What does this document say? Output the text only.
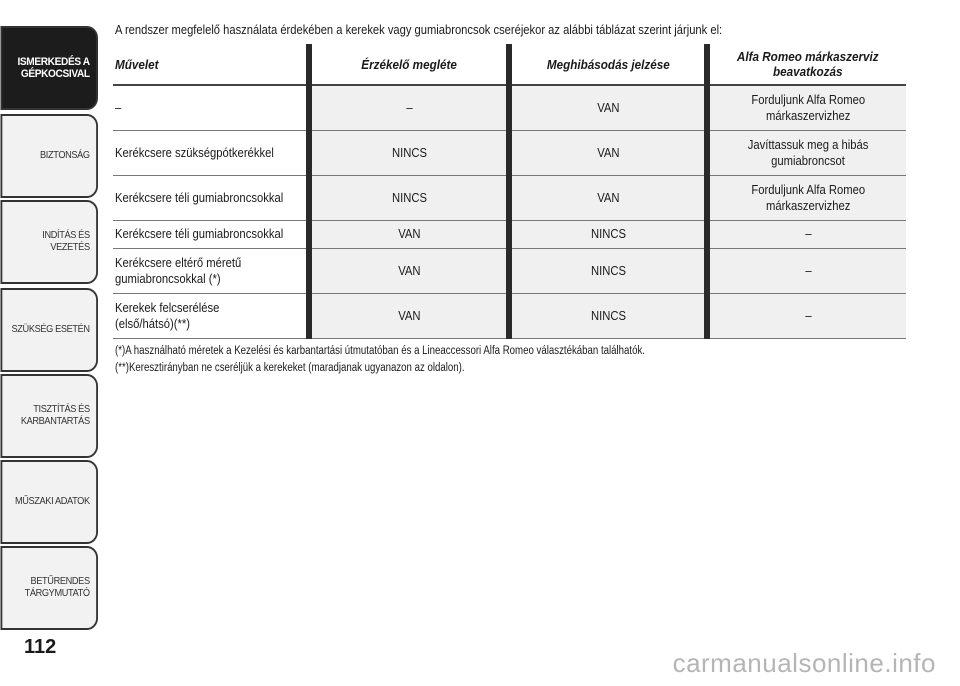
ISMERKEDÉS A
GÉPKOCSIVAL
BIZTONSÁG
INDÍTÁS ÉS VEZETÉS
SZÜKSÉG ESETÉN
TISZTÍTÁS ÉS
KARBANTARTÁS
MŰSZAKI ADATOK
BETŰRENDES
TÁRGYMUTATÓ
112
A rendszer megfelelő használata érdekében a kerekek vagy gumiabroncsok cseréjekor az alábbi táblázat szerint járjunk el:
Művelet	Érzékelő megléte	Meghibásodás jelzése	Alfa Romeo márkaszerviz
beavatkozás
–	–	VAN	Forduljunk Alfa Romeo
márkaszervizhez
Kerékcsere szükségpótkerékkel	NINCS	VAN	Javíttassuk meg a hibás
gumiabroncsot
Kerékcsere téli gumiabroncsokkal	NINCS	VAN	Forduljunk Alfa Romeo
márkaszervizhez
Kerékcsere téli gumiabroncsokkal	VAN	NINCS	–
Kerékcsere eltérő méretű
gumiabroncsokkal (*)	VAN	NINCS	–
Kerekek felcserélése
(első/hátsó)(**)	VAN	NINCS	–
(*)A használható méretek a Kezelési és karbantartási útmutatóban és a Lineaccessori Alfa Romeo választékában találhatók.
(**)Keresztirányban ne cseréljük a kerekeket (maradjanak ugyanazon az oldalon).
carmanualsonline.info
